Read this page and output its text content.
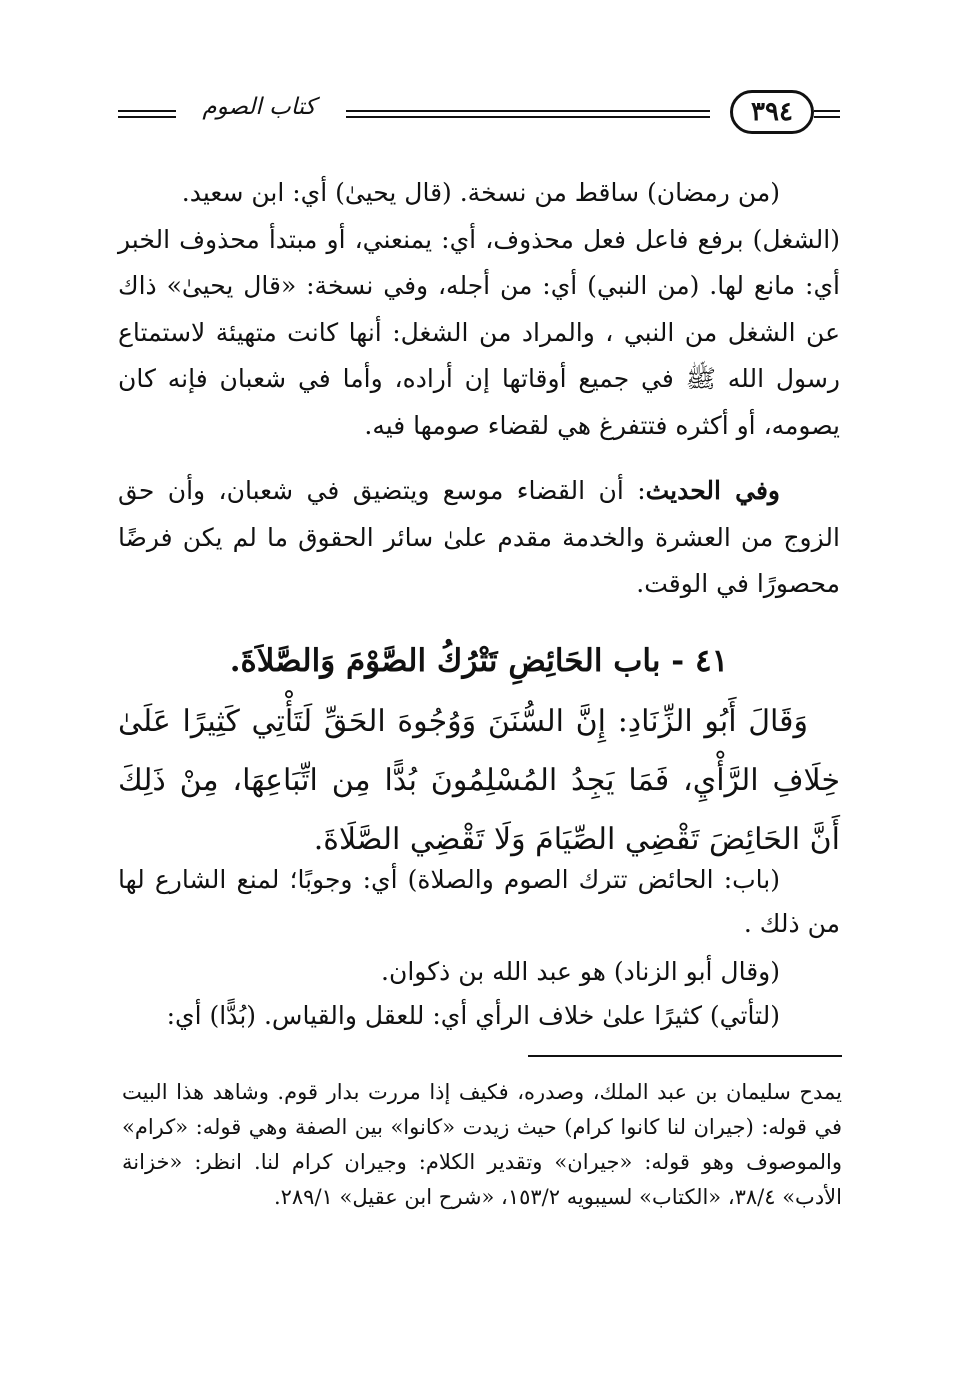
كتاب الصوم	٣٩٤
(من رمضان) ساقط من نسخة. (قال يحيىٰ) أي: ابن سعيد.
(الشغل) برفع فاعل فعل محذوف، أي: يمنعني، أو مبتدأ محذوف الخبر أي: مانع لها. (من النبي) أي: من أجله، وفي نسخة: «قال يحيىٰ» ذاك عن الشغل من النبي ، والمراد من الشغل: أنها كانت متهيئة لاستمتاع رسول الله ﷺ في جميع أوقاتها إن أراده، وأما في شعبان فإنه كان يصومه، أو أكثره فتتفرغ هي لقضاء صومها فيه.
وفي الحديث: أن القضاء موسع ويتضيق في شعبان، وأن حق الزوج من العشرة والخدمة مقدم علىٰ سائر الحقوق ما لم يكن فرضًا محصورًا في الوقت.
٤١ - باب الحَائِضِ تَتْرُكُ الصَّوْمَ وَالصَّلاَةَ.
وَقَالَ أَبُو الزِّنَادِ: إِنَّ السُّنَنَ وَوُجُوهَ الحَقِّ لَتَأْتِي كَثِيرًا عَلَىٰ خِلَافِ الرَّأْيِ، فَمَا يَجِدُ المُسْلِمُونَ بُدًّا مِن اتِّبَاعِهَا، مِنْ ذَلِكَ أَنَّ الحَائِضَ تَقْضِي الصِّيَامَ وَلَا تَقْضِي الصَّلَاةَ.
(باب: الحائض تترك الصوم والصلاة) أي: وجوبًا؛ لمنع الشارع لها من ذلك .
(وقال أبو الزناد) هو عبد الله بن ذكوان.
(لتأتي) كثيرًا علىٰ خلاف الرأي أي: للعقل والقياس. (بُدًّا) أي:
يمدح سليمان بن عبد الملك، وصدره، فكيف إذا مررت بدار قوم. وشاهد هذا البيت في قوله: (جيران لنا كانوا كرام) حيث زيدت «كانوا» بين الصفة وهي قوله: «كرام» والموصوف وهو قوله: «جيران» وتقدير الكلام: وجيران كرام لنا. انظر: «خزانة الأدب» ٣٨/٤، «الكتاب» لسيبويه ١٥٣/٢، «شرح ابن عقيل» ٢٨٩/١.
